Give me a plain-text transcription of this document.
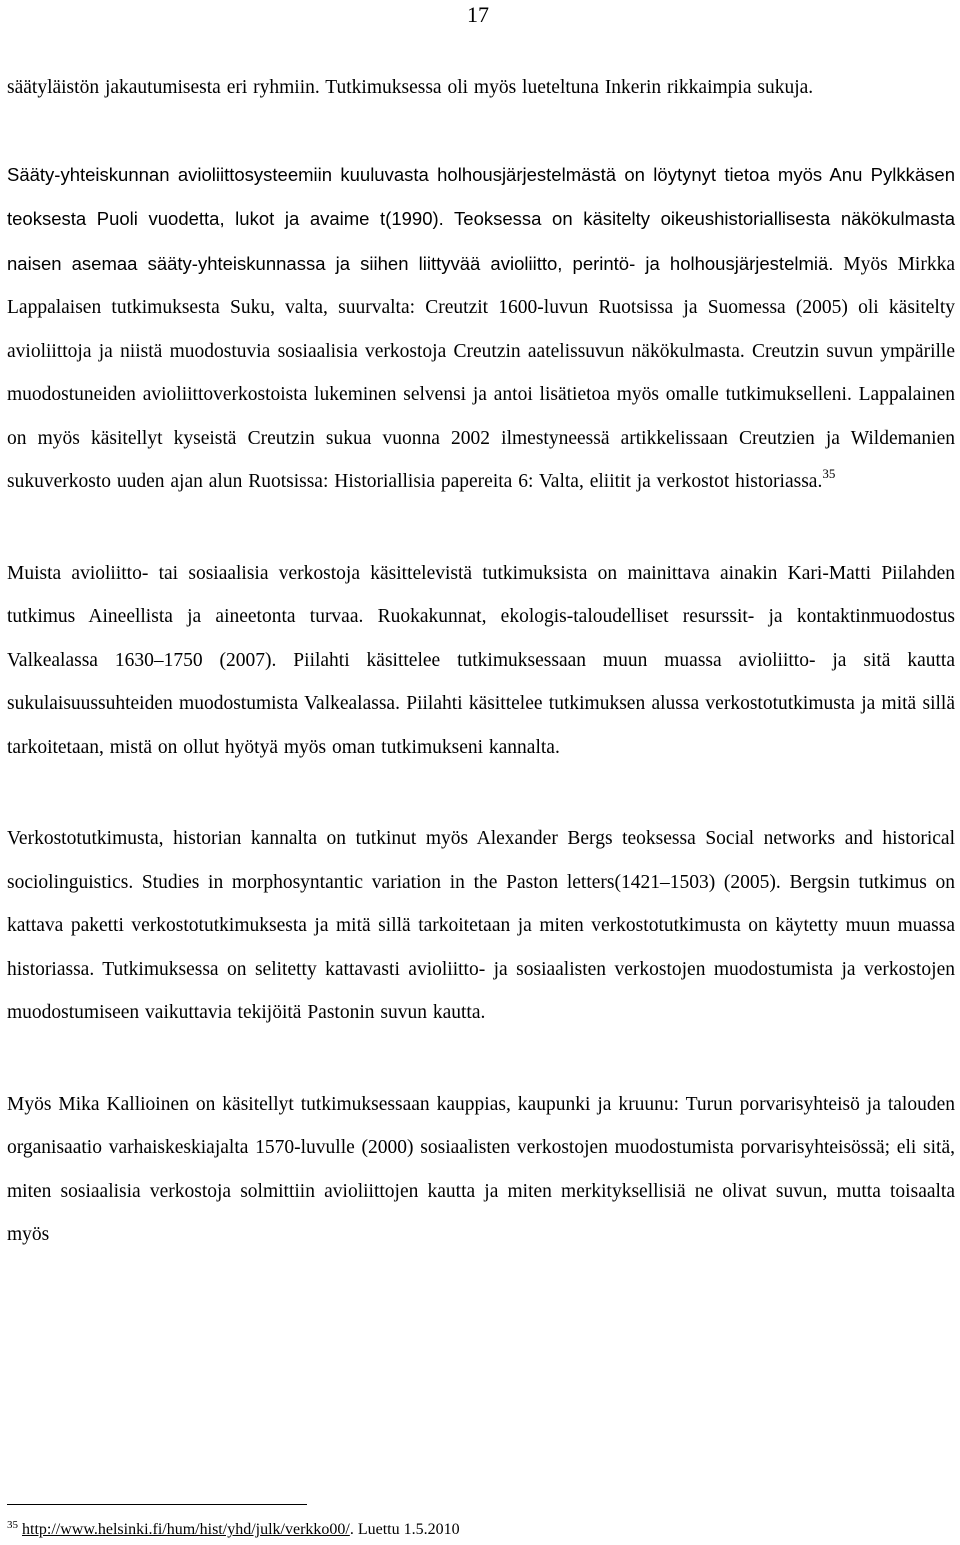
17

säätyläistön jakautumisesta eri ryhmiin. Tutkimuksessa oli myös lueteltuna Inkerin rikkaimpia sukuja.

Sääty-yhteiskunnan avioliittosysteemiin kuuluvasta holhousjärjestelmästä on löytynyt tietoa myös Anu Pylkkäsen teoksesta Puoli vuodetta, lukot ja avaime t(1990). Teoksessa on käsitelty oikeushistoriallisesta näkökulmasta naisen asemaa sääty-yhteiskunnassa ja siihen liittyvää avioliitto, perintö- ja holhousjärjestelmiä. Myös Mirkka Lappalaisen tutkimuksesta Suku, valta, suurvalta: Creutzit 1600-luvun Ruotsissa ja Suomessa (2005) oli käsitelty avioliittoja ja niistä muodostuvia sosiaalisia verkostoja Creutzin aatelissuvun näkökulmasta. Creutzin suvun ympärille muodostuneiden avioliittoverkostoista lukeminen selvensi ja antoi lisätietoa myös omalle tutkimukselleni. Lappalainen on myös käsitellyt kyseistä Creutzin sukua vuonna 2002 ilmestyneessä artikkelissaan Creutzien ja Wildemanien sukuverkosto uuden ajan alun Ruotsissa: Historiallisia papereita 6: Valta, eliitit ja verkostot historiassa.$^{35}$

Muista avioliitto- tai sosiaalisia verkostoja käsittelevistä tutkimuksista on mainittava ainakin Kari-Matti Piilahden tutkimus Aineellista ja aineetonta turvaa. Ruokakunnat, ekologis-taloudelliset resurssit- ja kontaktinmuodostus Valkealassa 1630–1750 (2007). Piilahti käsittelee tutkimuksessaan muun muassa avioliitto- ja sitä kautta sukulaisuussuhteiden muodostumista Valkealassa. Piilahti käsittelee tutkimuksen alussa verkostotutkimusta ja mitä sillä tarkoitetaan, mistä on ollut hyötyä myös oman tutkimukseni kannalta.

Verkostotutkimusta, historian kannalta on tutkinut myös Alexander Bergs teoksessa Social networks and historical sociolinguistics. Studies in morphosyntantic variation in the Paston letters(1421–1503) (2005). Bergsin tutkimus on kattava paketti verkostotutkimuksesta ja mitä sillä tarkoitetaan ja miten verkostotutkimusta on käytetty muun muassa historiassa. Tutkimuksessa on selitetty kattavasti avioliitto- ja sosiaalisten verkostojen muodostumista ja verkostojen muodostumiseen vaikuttavia tekijöitä Pastonin suvun kautta.

Myös Mika Kallioinen on käsitellyt tutkimuksessaan kauppias, kaupunki ja kruunu: Turun porvarisyhteisö ja talouden organisaatio varhaiskeskiajalta 1570-luvulle (2000) sosiaalisten verkostojen muodostumista porvarisyhteisössä; eli sitä, miten sosiaalisia verkostoja solmittiin avioliittojen kautta ja miten merkityksellisiä ne olivat suvun, mutta toisaalta myös

$^{35}$ http://www.helsinki.fi/hum/hist/yhd/julk/verkko00/. Luettu 1.5.2010
